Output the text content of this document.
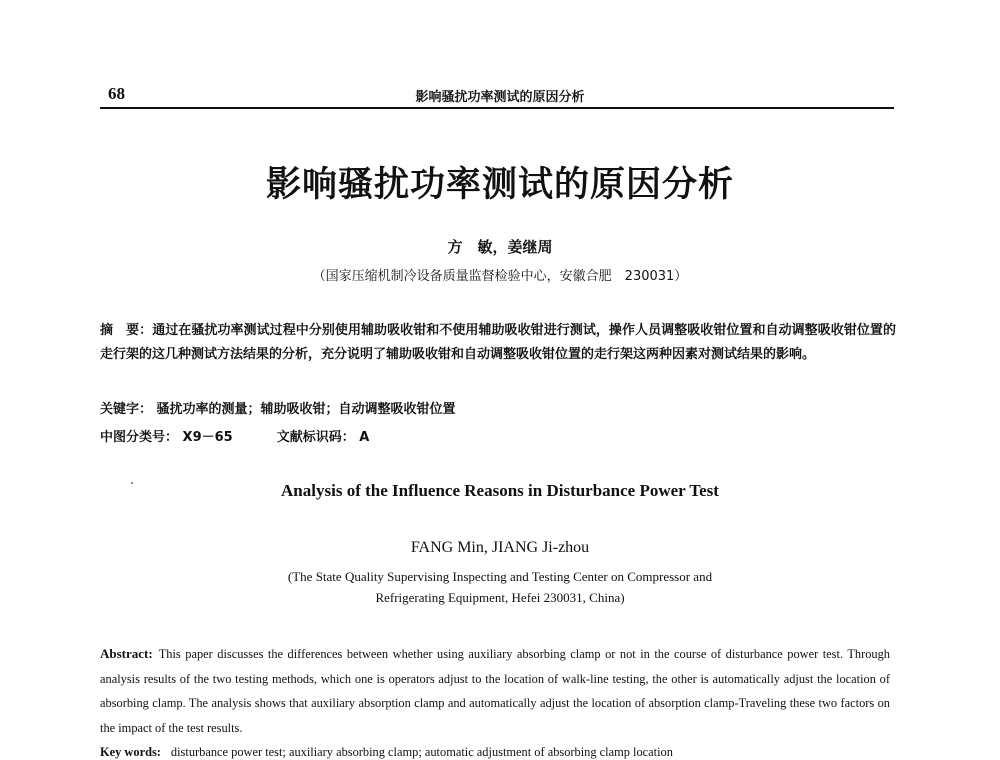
68	影响骚扰功率测试的原因分析
影响骚扰功率测试的原因分析
方　敏，姜继周
（国家压缩机制冷设备质量监督检验中心，安徽合肥　230031）
摘　要：通过在骚扰功率测试过程中分别使用辅助吸收钳和不使用辅助吸收钳进行测试，操作人员调整吸收钳位置和自动调整吸收钳位置的走行架的这几种测试方法结果的分析，充分说明了辅助吸收钳和自动调整吸收钳位置的走行架这两种因素对测试结果的影响。
关键字： 骚扰功率的测量；辅助吸收钳；自动调整吸收钳位置
中图分类号： X9－65	文献标识码： A
Analysis of the Influence Reasons in Disturbance Power Test
FANG Min, JIANG Ji-zhou
(The State Quality Supervising Inspecting and Testing Center on Compressor and
Refrigerating Equipment, Hefei 230031, China)
Abstract: This paper discusses the differences between whether using auxiliary absorbing clamp or not in the course of disturbance power test. Through analysis results of the two testing methods, which one is operators adjust to the location of walk-line testing, the other is automatically adjust the location of absorbing clamp. The analysis shows that auxiliary absorption clamp and automatically adjust the location of absorption clamp-Traveling these two factors on the impact of the test results.
Key words: disturbance power test; auxiliary absorbing clamp; automatic adjustment of absorbing clamp location
